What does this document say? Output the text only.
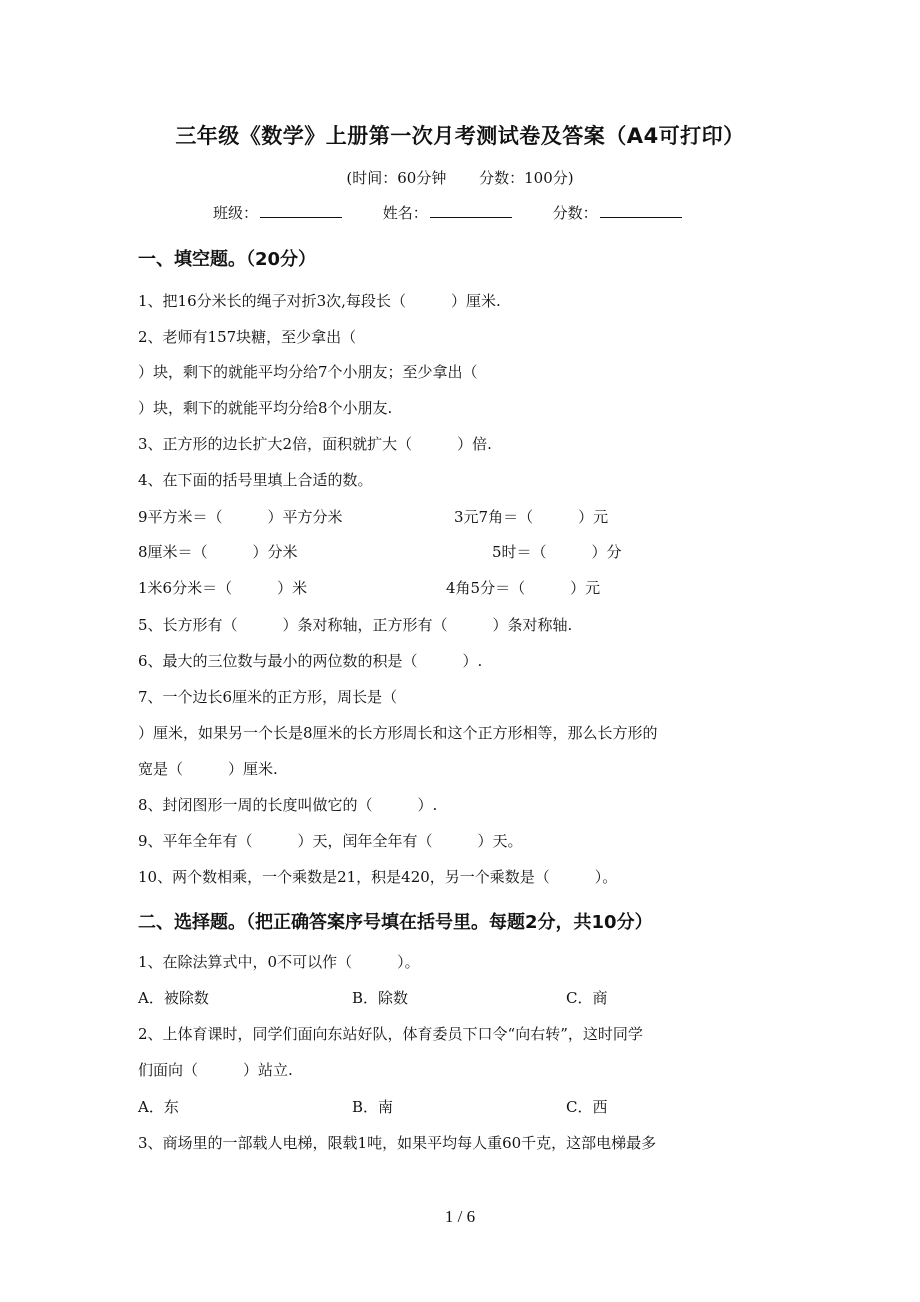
三年级《数学》上册第一次月考测试卷及答案（A4可打印）
(时间：60分钟 分数：100分)
班级：	姓名：	分数：
一、填空题。（20分）
1、把16分米长的绳子对折3次,每段长（　　　）厘米.
2、老师有157块糖，至少拿出（
）块，剩下的就能平均分给7个小朋友；至少拿出（
）块，剩下的就能平均分给8个小朋友.
3、正方形的边长扩大2倍，面积就扩大（　　　）倍.
4、在下面的括号里填上合适的数。
9平方米＝（　　　）平方分米	3元7角＝（　　　）元
8厘米＝（　　　）分米	5时＝（　　　）分
1米6分米＝（　　　）米	4角5分＝（　　　）元
5、长方形有（　　　）条对称轴，正方形有（　　　）条对称轴.
6、最大的三位数与最小的两位数的积是（　　　）.
7、一个边长6厘米的正方形，周长是（
）厘米，如果另一个长是8厘米的长方形周长和这个正方形相等，那么长方形的
宽是（　　　）厘米.
8、封闭图形一周的长度叫做它的（　　　）.
9、平年全年有（　　　）天，闰年全年有（　　　）天。
10、两个数相乘，一个乘数是21，积是420，另一个乘数是（　　　）。
二、选择题。（把正确答案序号填在括号里。每题2分，共10分）
1、在除法算式中，0不可以作（　　　）。
A．被除数	B．除数	C．商
2、上体育课时，同学们面向东站好队，体育委员下口令“向右转”，这时同学
们面向（　　　）站立.
A．东	B．南	C．西
3、商场里的一部载人电梯，限载1吨，如果平均每人重60千克，这部电梯最多
1 / 6
